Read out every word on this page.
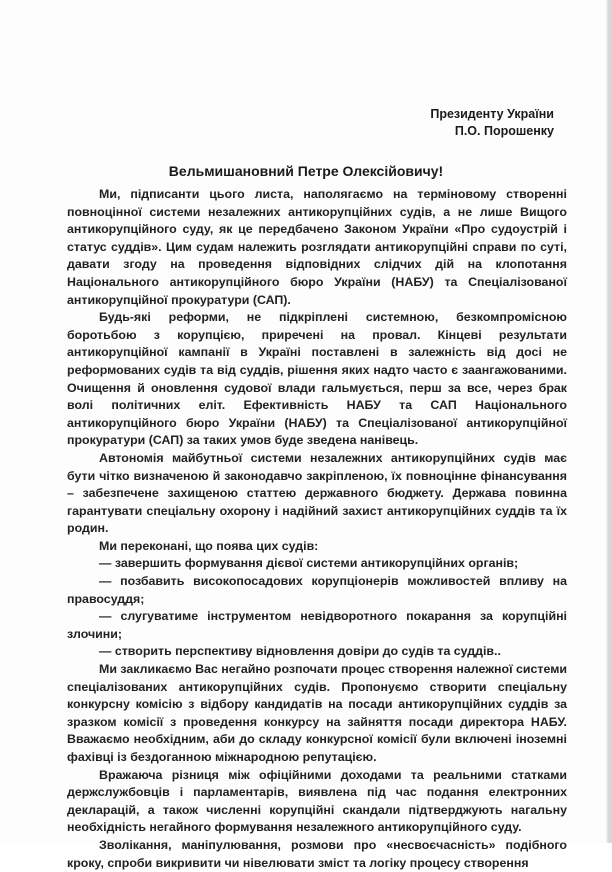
Президенту України
П.О. Порошенку
Вельмишановний Петре Олексійовичу!

Ми, підписанти цього листа, наполягаємо на терміновому створенні повноцінної системи незалежних антикорупційних судів, а не лише Вищого антикорупційного суду, як це передбачено Законом України «Про судоустрій і статус суддів». Цим судам належить розглядати антикорупційні справи по суті, давати згоду на проведення відповідних слідчих дій на клопотання Національного антикорупційного бюро України (НАБУ) та Спеціалізованої антикорупційної прокуратури (САП).

Будь-які реформи, не підкріплені системною, безкомпромісною боротьбою з корупцією, приречені на провал. Кінцеві результати антикорупційної кампанії в Україні поставлені в залежність від досі не реформованих судів та від суддів, рішення яких надто часто є заангажованими. Очищення й оновлення судової влади гальмується, перш за все, через брак волі політичних еліт. Ефективність НАБУ та САП Національного антикорупційного бюро України (НАБУ) та Спеціалізованої антикорупційної прокуратури (САП) за таких умов буде зведена нанівець.

Автономія майбутньої системи незалежних антикорупційних судів має бути чітко визначеною й законодавчо закріпленою, їх повноцінне фінансування – забезпечене захищеною статтею державного бюджету. Держава повинна гарантувати спеціальну охорону і надійний захист антикорупційних суддів та їх родин.

Ми переконані, що поява цих судів:

— завершить формування дієвої системи антикорупційних органів;

— позбавить високопосадових корупціонерів можливостей впливу на правосуддя;

— слугуватиме інструментом невідворотного покарання за корупційні злочини;

— створить перспективу відновлення довіри до судів та суддів..

Ми закликаємо Вас негайно розпочати процес створення належної системи спеціалізованих антикорупційних судів. Пропонуємо створити спеціальну конкурсну комісію з відбору кандидатів на посади антикорупційних суддів за зразком комісії з проведення конкурсу на зайняття посади директора НАБУ. Вважаємо необхідним, аби до складу конкурсної комісії були включені іноземні фахівці із бездоганною міжнародною репутацією.

Вражаюча різниця між офіційними доходами та реальними статками держслужбовців і парламентарів, виявлена під час подання електронних декларацій, а також численні корупційні скандали підтверджують нагальну необхідність негайного формування незалежного антикорупційного суду.

Зволікання, маніпулювання, розмови про «несвоєчасність» подібного кроку, спроби викривити чи нівелювати зміст та логіку процесу створення
